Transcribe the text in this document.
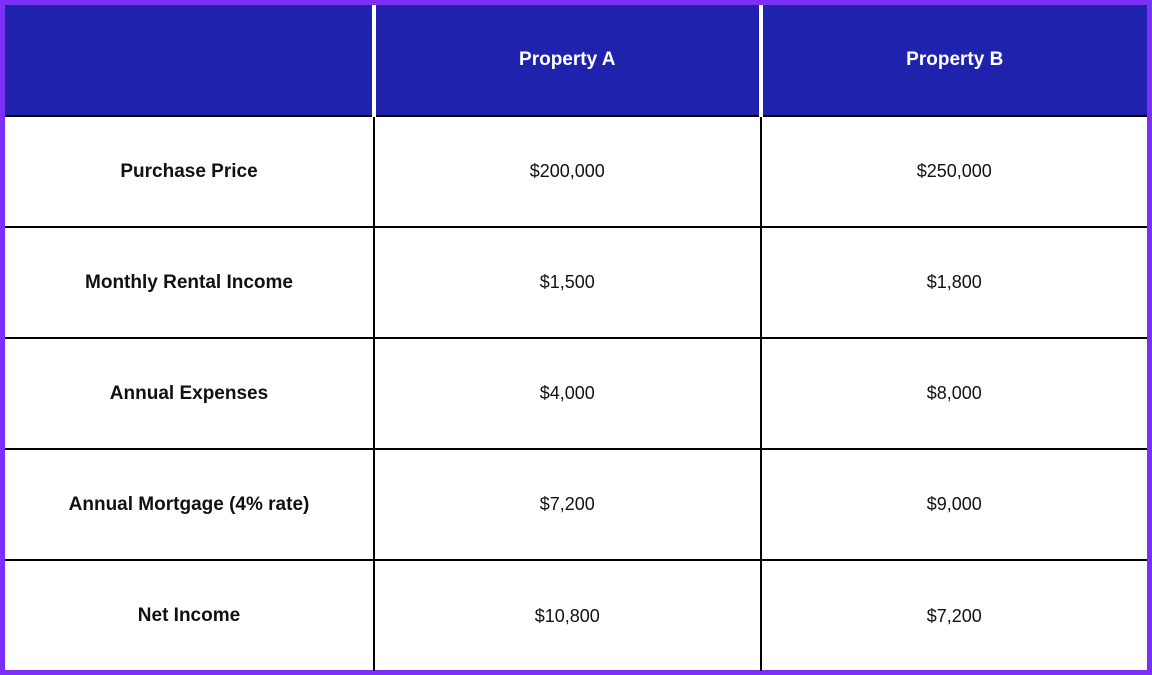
	Property A	Property B
Purchase Price	$200,000	$250,000
Monthly Rental Income	$1,500	$1,800
Annual Expenses	$4,000	$8,000
Annual Mortgage (4% rate)	$7,200	$9,000
Net Income	$10,800	$7,200
